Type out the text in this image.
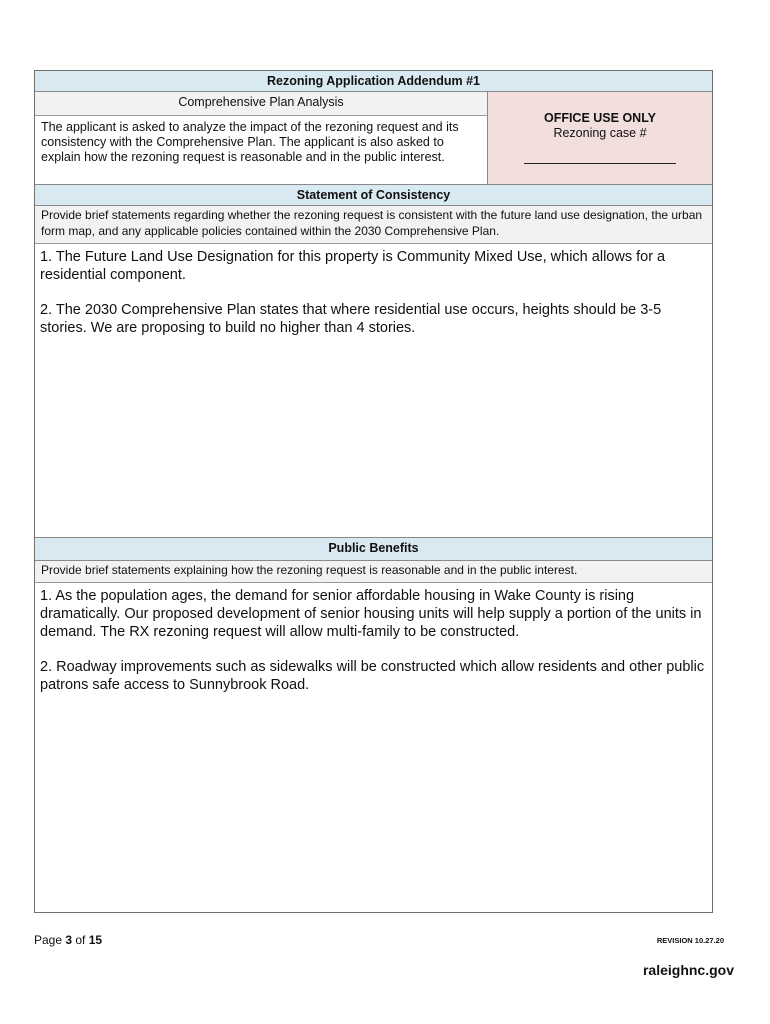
Rezoning Application Addendum #1
Comprehensive Plan Analysis
The applicant is asked to analyze the impact of the rezoning request and its consistency with the Comprehensive Plan. The applicant is also asked to explain how the rezoning request is reasonable and in the public interest.
OFFICE USE ONLY
Rezoning case #
Statement of Consistency
Provide brief statements regarding whether the rezoning request is consistent with the future land use designation, the urban form map, and any applicable policies contained within the 2030 Comprehensive Plan.

1. The Future Land Use Designation for this property is Community Mixed Use, which allows for a residential component.

2. The 2030 Comprehensive Plan states that where residential use occurs, heights should be 3-5 stories. We are proposing to build no higher than 4 stories.

Public Benefits
Provide brief statements explaining how the rezoning request is reasonable and in the public interest.

1. As the population ages, the demand for senior affordable housing in Wake County is rising dramatically. Our proposed development of senior housing units will help supply a portion of the units in demand. The RX rezoning request will allow multi-family to be constructed.

2. Roadway improvements such as sidewalks will be constructed which allow residents and other public patrons safe access to Sunnybrook Road.

Page 3 of 15	REVISION 10.27.20
raleighnc.gov
